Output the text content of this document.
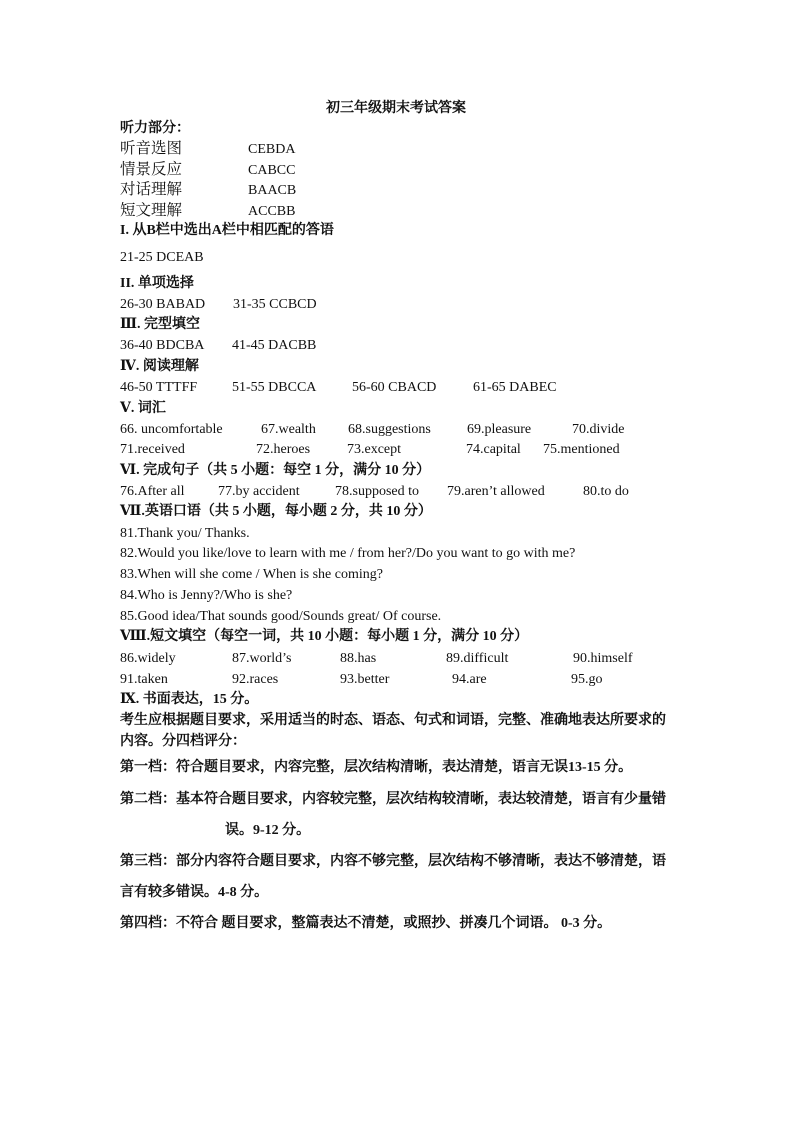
初三年级期末考试答案
听力部分：
听音选图	CEBDA
情景反应	CABCC
对话理解	BAACB
短文理解	ACCBB
I. 从B栏中选出A栏中相匹配的答语
21-25 DCEAB
II. 单项选择
26-30 BABAD 31-35 CCBCD
Ⅲ. 完型填空
36-40 BDCBA 41-45 DACBB
Ⅳ. 阅读理解
46-50 TTTFF 51-55 DBCCA	56-60 CBACD	61-65 DABEC
Ⅴ. 词汇
66. uncomfortable	67.wealth 68.suggestions	69.pleasure	70.divide
71.received	72.heroes	73.except	74.capital 75.mentioned
Ⅵ. 完成句子（共 5 小题：每空 1 分，满分 10 分）
76.After all 77.by accident	78.supposed to 79.aren’t allowed	80.to do
Ⅶ.英语口语（共 5 小题，每小题 2 分，共 10 分）
81.Thank you/ Thanks.
82.Would you like/love to learn with me / from her?/Do you want to go with me?
83.When will she come / When is she coming?
84.Who is Jenny?/Who is she?
85.Good idea/That sounds good/Sounds great/ Of course.
Ⅷ.短文填空（每空一词，共 10 小题：每小题 1 分，满分 10 分）
86.widely	87.world’s	88.has	89.difficult	90.himself
91.taken	92.races	93.better	94.are	95.go
Ⅸ. 书面表达，15 分。
考生应根据题目要求，采用适当的时态、语态、句式和词语，完整、准确地表达所要求的
内容。分四档评分：
第一档：符合题目要求，内容完整，层次结构清晰，表达清楚，语言无误13-15 分。
第二档：基本符合题目要求，内容较完整，层次结构较清晰，表达较清楚，语言有少量错
误。9-12 分。
第三档：部分内容符合题目要求，内容不够完整，层次结构不够清晰，表达不够清楚，语
言有较多错误。4-8 分。
第四档：不符合 题目要求，整篇表达不清楚，或照抄、拼凑几个词语。 0-3 分。
